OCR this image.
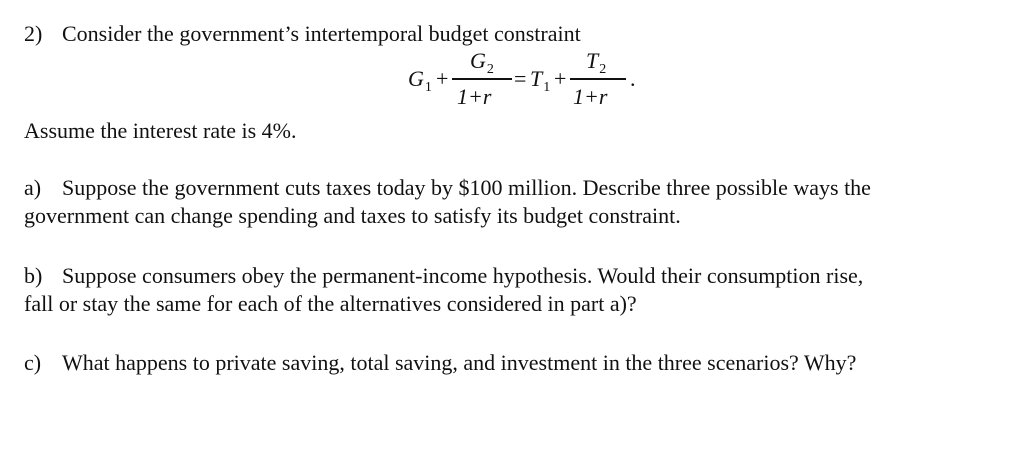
2) Consider the government’s intertemporal budget constraint
$G_1$ +
$G_2$
1+r
= $T_1$ +
$T_2$
1+r
.
Assume the interest rate is 4%.
a) Suppose the government cuts taxes today by $100 million. Describe three possible ways the
government can change spending and taxes to satisfy its budget constraint.
b) Suppose consumers obey the permanent-income hypothesis. Would their consumption rise,
fall or stay the same for each of the alternatives considered in part a)?
c) What happens to private saving, total saving, and investment in the three scenarios? Why?
